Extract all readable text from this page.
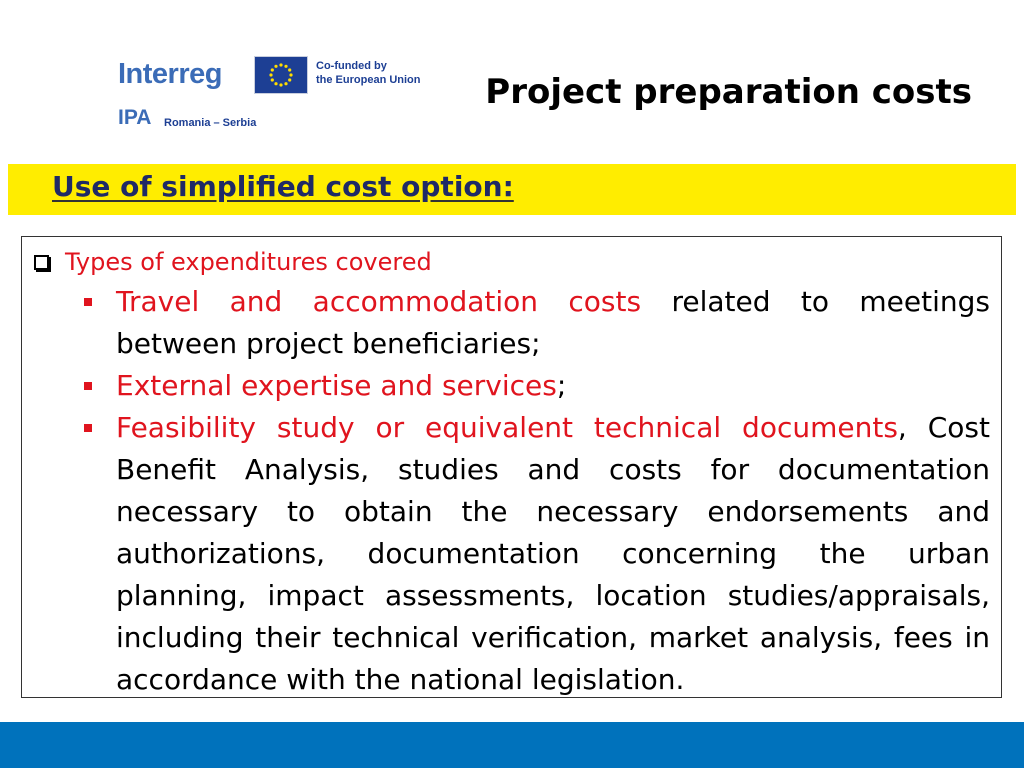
Interreg	Co-funded by
the European Union
IPA Romania – Serbia
Project preparation costs
Use of simplified cost option:
Types of expenditures covered
Travel and accommodation costs related to meetings between project beneficiaries;
External expertise and services;
Feasibility study or equivalent technical documents, Cost Benefit Analysis, studies and costs for documentation necessary to obtain the necessary endorsements and authorizations, documentation concerning the urban planning, impact assessments, location studies/appraisals, including their technical verification, market analysis, fees in accordance with the national legislation.
